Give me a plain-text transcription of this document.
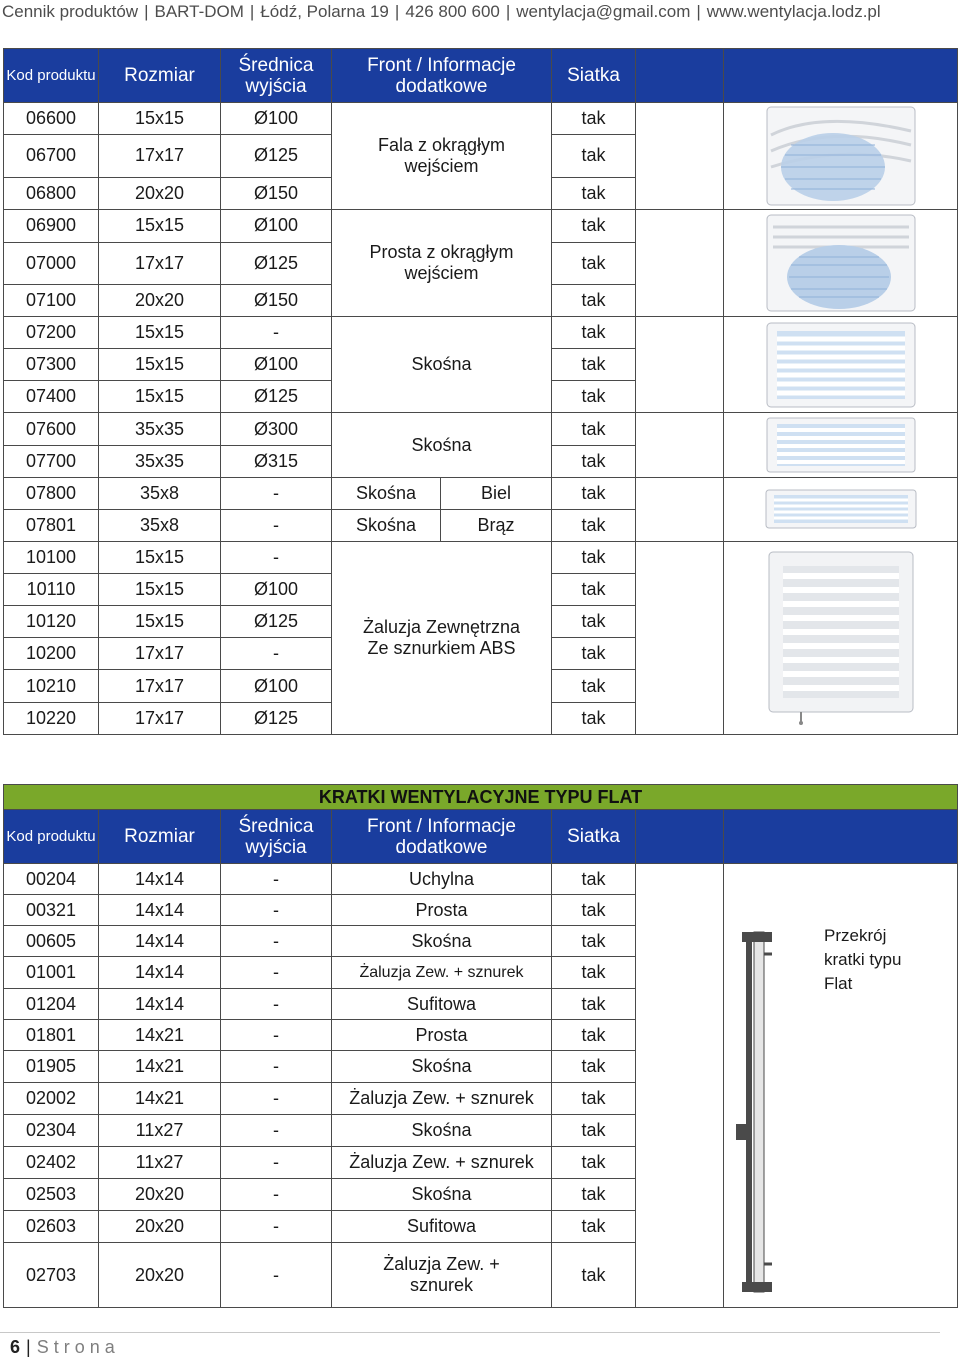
Cennik produktów | BART-DOM | Łódź, Polarna 19 | 426 800 600 | wentylacja@gmail.com | www.wentylacja.lodz.pl
Kod produktu	Rozmiar	Średnica wyjścia	Front / Informacje dodatkowe		Siatka		
06600	15x15	Ø100	Fala z okrągłym wejściem		tak		

06700	17x17	Ø125			tak		
06800	20x20	Ø150			tak		
06900	15x15	Ø100	Prosta z okrągłym wejściem		tak		

07000	17x17	Ø125			tak		
07100	20x20	Ø150			tak		
07200	15x15	-	Skośna		tak		

07300	15x15	Ø100			tak		
07400	15x15	Ø125			tak		
07600	35x35	Ø300	Skośna		tak		

07700	35x35	Ø315			tak		
07800	35x8	-	Skośna	Biel	tak		

07801	35x8	-	Skośna	Brąz	tak		
10100	15x15	-	Żaluzja Zewnętrzna Ze sznurkiem ABS		tak		

10110	15x15	Ø100			tak		
10120	15x15	Ø125			tak		
10200	17x17	-			tak		
10210	17x17	Ø100			tak		
10220	17x17	Ø125			tak		
KRATKI WENTYLACYJNE TYPU FLAT						
Kod produktu	Rozmiar	Średnica wyjścia	Front / Informacje dodatkowe	Siatka		
00204	14x14	-	Uchylna	tak		Przekrój kratki typu Flat

00321	14x14	-	Prosta	tak		
00605	14x14	-	Skośna	tak		
01001	14x14	-	Żaluzja Zew. + sznurek	tak		
01204	14x14	-	Sufitowa	tak		
01801	14x21	-	Prosta	tak		
01905	14x21	-	Skośna	tak		
02002	14x21	-	Żaluzja Zew. + sznurek	tak		
02304	11x27	-	Skośna	tak		
02402	11x27	-	Żaluzja Zew. + sznurek	tak		
02503	20x20	-	Skośna	tak		
02603	20x20	-	Sufitowa	tak		
02703	20x20	-	Żaluzja Zew. + sznurek	tak		
6 | Strona
